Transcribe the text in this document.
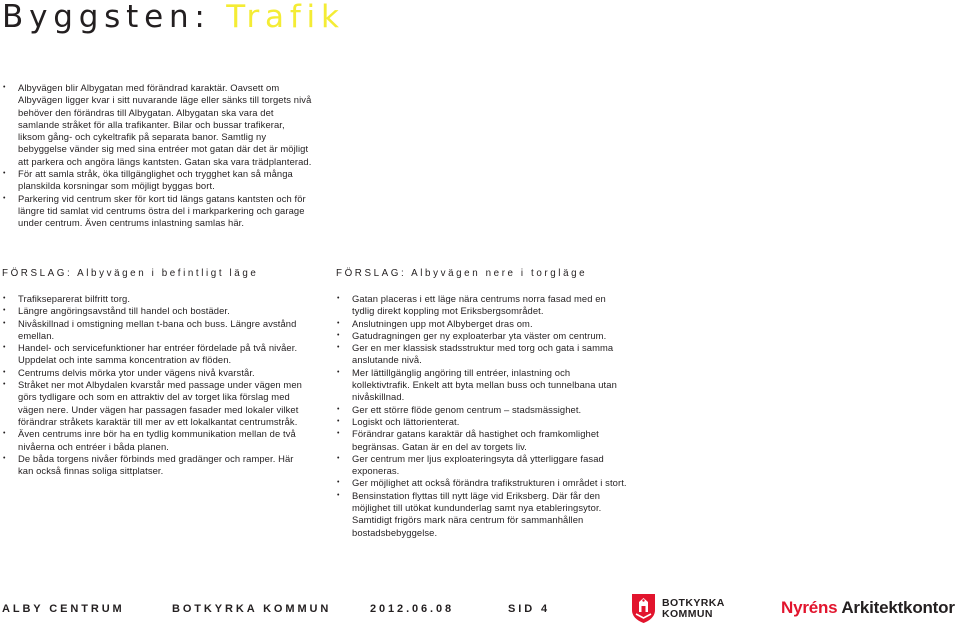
Byggsten: Trafik
• Albyvägen blir Albygatan med förändrad karaktär. Oavsett om Albyvägen ligger kvar i sitt nuvarande läge eller sänks till torgets nivå behöver den förändras till Albygatan. Albygatan ska vara det samlande stråket för alla trafikanter. Bilar och bussar trafikerar, liksom gång- och cykeltrafik på separata banor. Samtlig ny bebyggelse vänder sig med sina entréer mot gatan där det är möjligt att parkera och angöra längs kantsten. Gatan ska vara trädplanterad.
• För att samla stråk, öka tillgänglighet och trygghet kan så många planskilda korsningar som möjligt byggas bort.
• Parkering vid centrum sker för kort tid längs gatans kantsten och för längre tid samlat vid centrums östra del i markparkering och garage under centrum. Även centrums inlastning samlas här.
FÖRSLAG: Albyvägen i befintligt läge	FÖRSLAG: Albyvägen nere i torgläge
• Trafikseparerat bilfritt torg.
• Längre angöringsavstånd till handel och bostäder.
• Nivåskillnad i omstigning mellan t-bana och buss. Längre avstånd emellan.
• Handel- och servicefunktioner har entréer fördelade på två nivåer. Uppdelat och inte samma koncentration av flöden.
• Centrums delvis mörka ytor under vägens nivå kvarstår.
• Stråket ner mot Albydalen kvarstår med passage under vägen men görs tydligare och som en attraktiv del av torget lika förslag med vägen nere. Under vägen har passagen fasader med lokaler vilket förändrar stråkets karaktär till mer av ett lokalkantat centrumstråk.
• Även centrums inre bör ha en tydlig kommunikation mellan de två nivåerna och entréer i båda planen.
• De båda torgens nivåer förbinds med gradänger och ramper. Här kan också finnas soliga sittplatser.
• Gatan placeras i ett läge nära centrums norra fasad med en tydlig direkt koppling mot Eriksbergsområdet.
• Anslutningen upp mot Albyberget dras om.
• Gatudragningen ger ny exploaterbar yta väster om centrum.
• Ger en mer klassisk stadsstruktur med torg och gata i samma anslutande nivå.
• Mer lättillgänglig angöring till entréer, inlastning och kollektivtrafik. Enkelt att byta mellan buss och tunnelbana utan nivåskillnad.
• Ger ett större flöde genom centrum – stadsmässighet.
• Logiskt och lättorienterat.
• Förändrar gatans karaktär då hastighet och framkomlighet begränsas. Gatan är en del av torgets liv.
• Ger centrum mer ljus exploateringsyta då ytterliggare fasad exponeras.
• Ger möjlighet att också förändra trafikstrukturen i området i stort.
• Bensinstation flyttas till nytt läge vid Eriksberg. Där får den möjlighet till utökat kundunderlag samt nya etableringsytor. Samtidigt frigörs mark nära centrum för sammanhållen bostadsbebyggelse.
ALBY CENTRUM	BOTKYRKA KOMMUN	2012.06.08	SID 4	BOTKYRKA
KOMMUN	Nyréns Arkitektkontor
